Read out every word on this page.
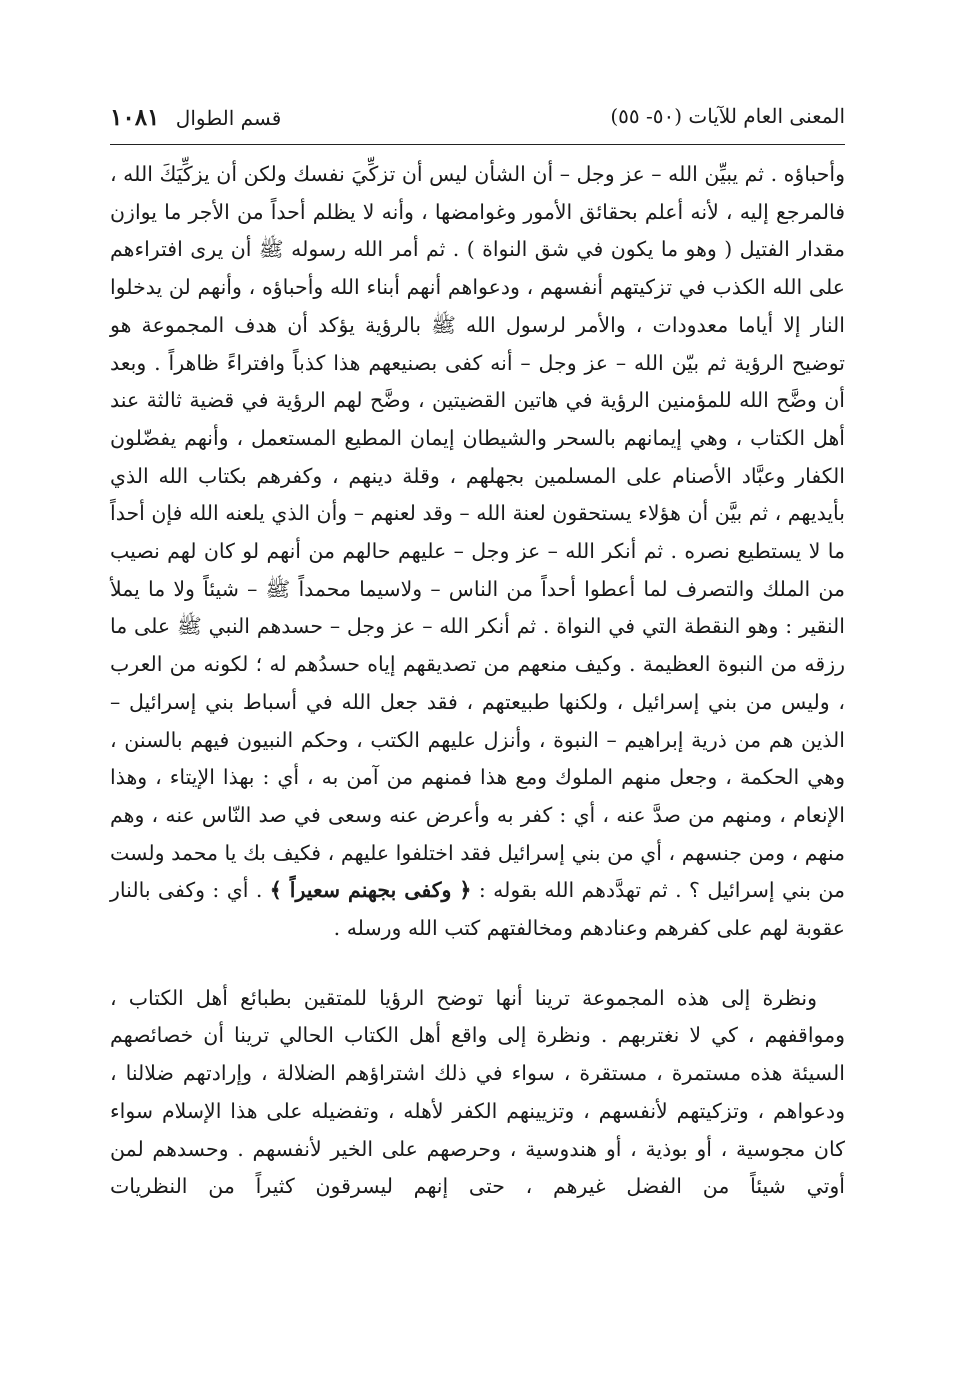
المعنى العام للآيات (٥٠- ٥٥)
قسم الطوال ١٠٨١

وأحباؤه . ثم يبيِّن الله – عز وجل – أن الشأن ليس أن تزكِّيَ نفسك ولكن أن يزكِّيَكَ الله ، فالمرجع إليه ، لأنه أعلم بحقائق الأمور وغوامضها ، وأنه لا يظلم أحداً من الأجر ما يوازن مقدار الفتيل ( وهو ما يكون في شق النواة ) . ثم أمر الله رسوله ﷺ أن يرى افتراءهم على الله الكذب في تزكيتهم أنفسهم ، ودعواهم أنهم أبناء الله وأحباؤه ، وأنهم لن يدخلوا النار إلا أياما معدودات ، والأمر لرسول الله ﷺ بالرؤية يؤكد أن هدف المجموعة هو توضيح الرؤية ثم بيّن الله – عز وجل – أنه كفى بصنيعهم هذا كذباً وافتراءً ظاهراً . وبعد أن وضَّح الله للمؤمنين الرؤية في هاتين القضيتين ، وضَّح لهم الرؤية في قضية ثالثة عند أهل الكتاب ، وهي إيمانهم بالسحر والشيطان إيمان المطيع المستعمل ، وأنهم يفضّلون الكفار وعبَّاد الأصنام على المسلمين بجهلهم ، وقلة دينهم ، وكفرهم بكتاب الله الذي بأيديهم ، ثم بيَّن أن هؤلاء يستحقون لعنة الله – وقد لعنهم – وأن الذي يلعنه الله فإن أحداً ما لا يستطيع نصره . ثم أنكر الله – عز وجل – عليهم حالهم من أنهم لو كان لهم نصيب من الملك والتصرف لما أعطوا أحداً من الناس – ولاسيما محمداً ﷺ – شيئاً ولا ما يملأ النقير : وهو النقطة التي في النواة . ثم أنكر الله – عز وجل – حسدهم النبي ﷺ على ما رزقه من النبوة العظيمة . وكيف منعهم من تصديقهم إياه حسدُهم له ؛ لكونه من العرب ، وليس من بني إسرائيل ، ولكنها طبيعتهم ، فقد جعل الله في أسباط بني إسرائيل – الذين هم من ذرية إبراهيم – النبوة ، وأنزل عليهم الكتب ، وحكم النبيون فيهم بالسنن ، وهي الحكمة ، وجعل منهم الملوك ومع هذا فمنهم من آمن به ، أي : بهذا الإيتاء ، وهذا الإنعام ، ومنهم من صدَّ عنه ، أي : كفر به وأعرض عنه وسعى في صد النّاس عنه ، وهم منهم ، ومن جنسهم ، أي من بني إسرائيل فقد اختلفوا عليهم ، فكيف بك يا محمد ولست من بني إسرائيل ؟ . ثم تهدَّدهم الله بقوله : ﴿ وكفى بجهنم سعيراً ﴾ . أي : وكفى بالنار عقوبة لهم على كفرهم وعنادهم ومخالفتهم كتب الله ورسله .

ونظرة إلى هذه المجموعة ترينا أنها توضح الرؤيا للمتقين بطبائع أهل الكتاب ، ومواقفهم ، كي لا نغتربهم . ونظرة إلى واقع أهل الكتاب الحالي ترينا أن خصائصهم السيئة هذه مستمرة ، مستقرة ، سواء في ذلك اشتراؤهم الضلالة ، وإرادتهم ضلالنا ، ودعواهم ، وتزكيتهم لأنفسهم ، وتزيينهم الكفر لأهله ، وتفضيله على هذا الإسلام سواء كان مجوسية ، أو بوذية ، أو هندوسية ، وحرصهم على الخير لأنفسهم . وحسدهم لمن أوتي شيئاً من الفضل غيرهم ، حتى إنهم ليسرقون كثيراً من النظريات
